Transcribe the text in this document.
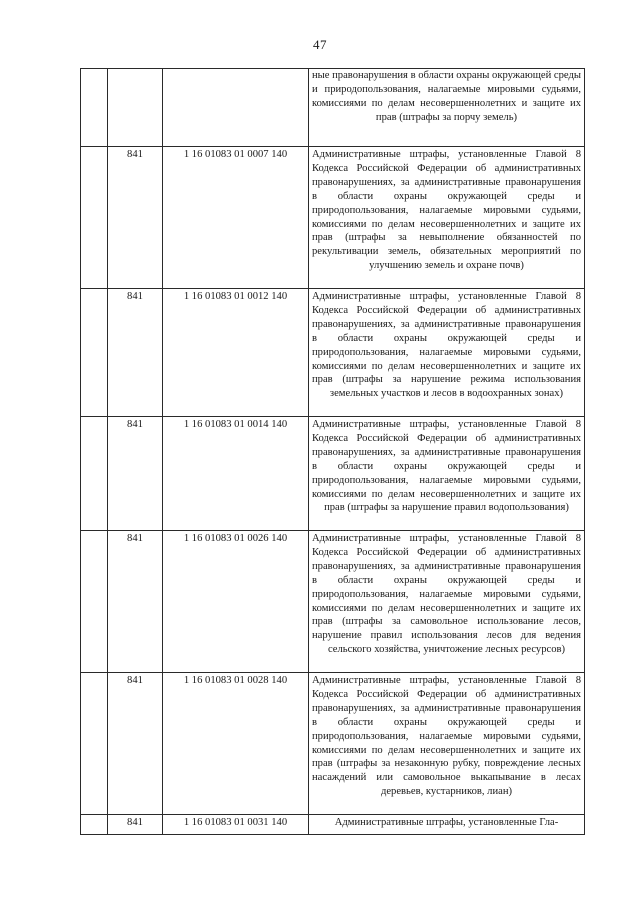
47
			ные правонарушения в области охраны окружающей среды и природопользования, налагаемые мировыми судьями, комиссиями по делам несовершеннолетних и защите их прав (штрафы за порчу земель)
	841	1 16 01083 01 0007 140	Административные штрафы, установленные Главой 8 Кодекса Российской Федерации об административных правонарушениях, за административные правонарушения в области охраны окружающей среды и природопользования, налагаемые мировыми судьями, комиссиями по делам несовершеннолетних и защите их прав (штрафы за невыполнение обязанностей по рекультивации земель, обязательных мероприятий по улучшению земель и охране почв)
	841	1 16 01083 01 0012 140	Административные штрафы, установленные Главой 8 Кодекса Российской Федерации об административных правонарушениях, за административные правонарушения в области охраны окружающей среды и природопользования, налагаемые мировыми судьями, комиссиями по делам несовершеннолетних и защите их прав (штрафы за нарушение режима использования земельных участков и лесов в водоохранных зонах)
	841	1 16 01083 01 0014 140	Административные штрафы, установленные Главой 8 Кодекса Российской Федерации об административных правонарушениях, за административные правонарушения в области охраны окружающей среды и природопользования, налагаемые мировыми судьями, комиссиями по делам несовершеннолетних и защите их прав (штрафы за нарушение правил водопользования)
	841	1 16 01083 01 0026 140	Административные штрафы, установленные Главой 8 Кодекса Российской Федерации об административных правонарушениях, за административные правонарушения в области охраны окружающей среды и природопользования, налагаемые мировыми судьями, комиссиями по делам несовершеннолетних и защите их прав (штрафы за самовольное использование лесов, нарушение правил использования лесов для ведения сельского хозяйства, уничтожение лесных ресурсов)
	841	1 16 01083 01 0028 140	Административные штрафы, установленные Главой 8 Кодекса Российской Федерации об административных правонарушениях, за административные правонарушения в области охраны окружающей среды и природопользования, налагаемые мировыми судьями, комиссиями по делам несовершеннолетних и защите их прав (штрафы за незаконную рубку, повреждение лесных насаждений или самовольное выкапывание в лесах деревьев, кустарников, лиан)
	841	1 16 01083 01 0031 140	Административные штрафы, установленные Гла-
